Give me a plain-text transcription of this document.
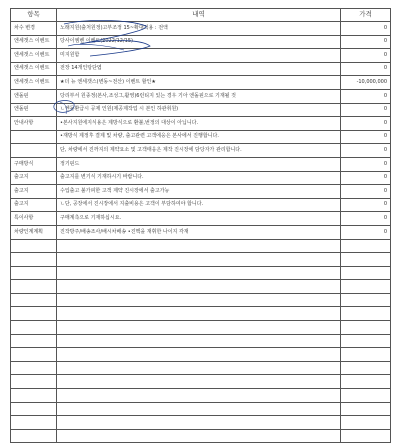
항목	내역	가격
차수 변경	노래지원(출처원정)고부조정 15~확대적용 : 전액	0
엔세갯스 이벤트	당사이엠벤 이벤트(2022/12/15)	0
엔세갯스 이벤트	미지원함	0
엔세갯스 이벤트	전장 14개인탕단엽	0
엔세갯스 이벤트	★더 뉴 엔세갯스(변동~전산) 이벤트 할인★	-10,000,000
엔돌핀	당리부서 원종정(본사,조성그,활영)6런티지 있는 경우 기아 엔돌핀으로 기재될 것	0
엔돌핀	ㄴ엔돌환급시 공제 인원(제공제작업 시 본인 하관취원)	0
안내사항	•본사지원에지식용은 제방식으로 환불,번정의 대상이 아닙니다.	0
	•재방식 제정후 결제 및 차량, 출고관련 고객에응은 본사에서 진행합니다.	0
	단, 차량에서 진까지의 제약요소 및 고객태응은 제작 진시장에 담당자가 관리합니다.	0
구매방식	정기핀드	0
출고지	출고지를 변기식 기재하시기 바랍니다.	0
출고지	수입출고 불가피한 고객 제약 진시장에서 출고가능	0
출고지	ㄴ단, 공장에서 진시장에서 지출비용은 고객이 부담하여야 합니다.	0
특이사항	구매계측으로 기재하십시요.	0
차량인계계획	진작방주/배송조사/배시차배송 •진핵을 재휘한 나이지 각재	0
